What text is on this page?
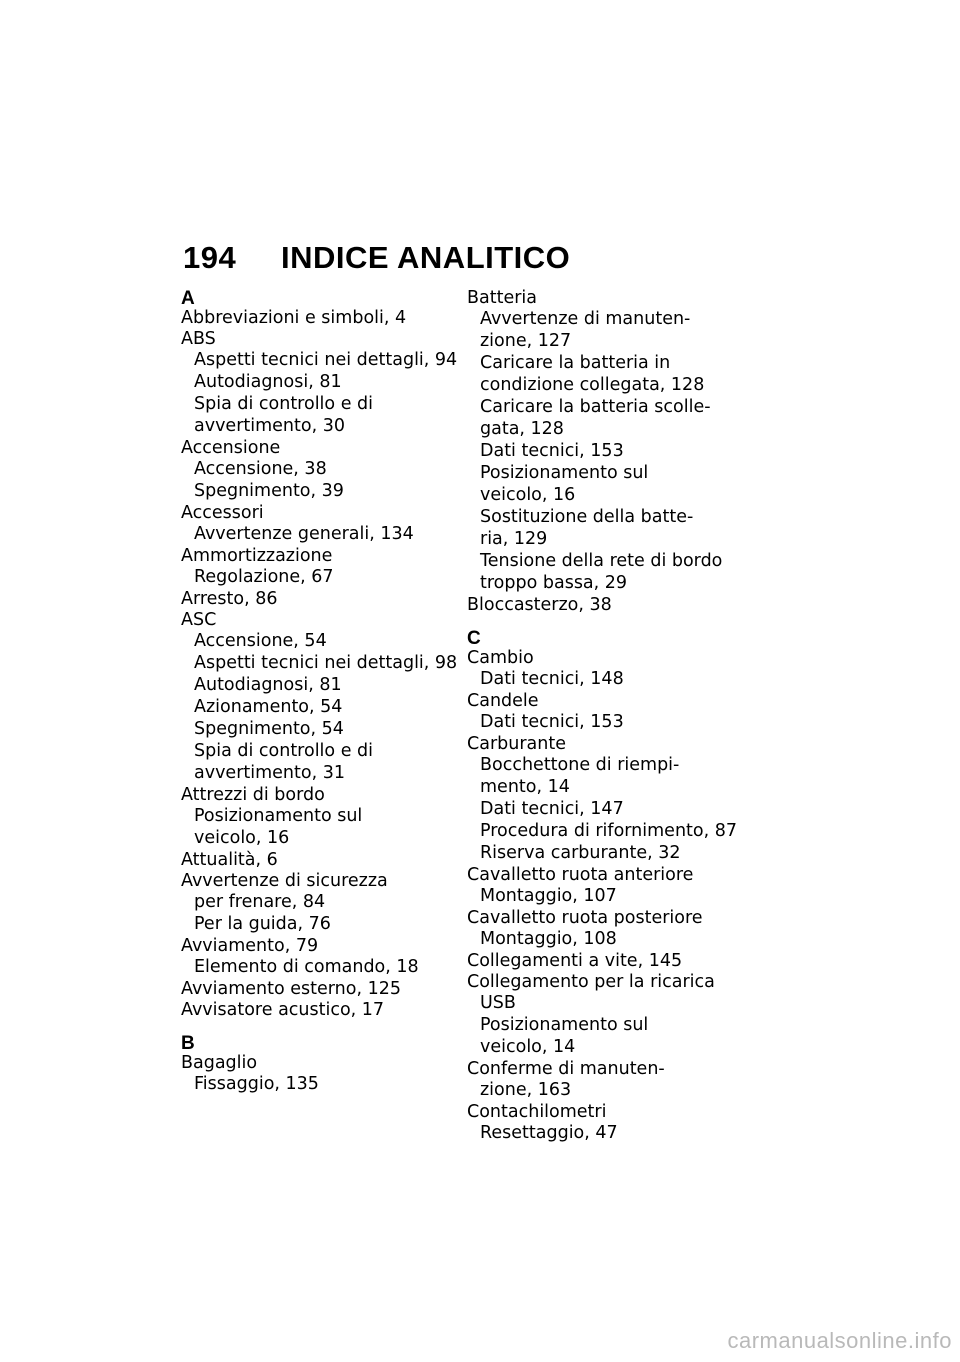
194 INDICE ANALITICO
A
Abbreviazioni e simboli, 4
ABS
Aspetti tecnici nei dettagli, 94
Autodiagnosi, 81
Spia di controllo e di
avvertimento, 30
Accensione
Accensione, 38
Spegnimento, 39
Accessori
Avvertenze generali, 134
Ammortizzazione
Regolazione, 67
Arresto, 86
ASC
Accensione, 54
Aspetti tecnici nei dettagli, 98
Autodiagnosi, 81
Azionamento, 54
Spegnimento, 54
Spia di controllo e di
avvertimento, 31
Attrezzi di bordo
Posizionamento sul
veicolo, 16
Attualità, 6
Avvertenze di sicurezza
per frenare, 84
Per la guida, 76
Avviamento, 79
Elemento di comando, 18
Avviamento esterno, 125
Avvisatore acustico, 17
B
Bagaglio
Fissaggio, 135
Batteria
Avvertenze di manuten-
zione, 127
Caricare la batteria in
condizione collegata, 128
Caricare la batteria scolle-
gata, 128
Dati tecnici, 153
Posizionamento sul
veicolo, 16
Sostituzione della batte-
ria, 129
Tensione della rete di bordo
troppo bassa, 29
Bloccasterzo, 38
C
Cambio
Dati tecnici, 148
Candele
Dati tecnici, 153
Carburante
Bocchettone di riempi-
mento, 14
Dati tecnici, 147
Procedura di rifornimento, 87
Riserva carburante, 32
Cavalletto ruota anteriore
Montaggio, 107
Cavalletto ruota posteriore
Montaggio, 108
Collegamenti a vite, 145
Collegamento per la ricarica
USB
Posizionamento sul
veicolo, 14
Conferme di manuten-
zione, 163
Contachilometri
Resettaggio, 47
carmanualsonline.info
